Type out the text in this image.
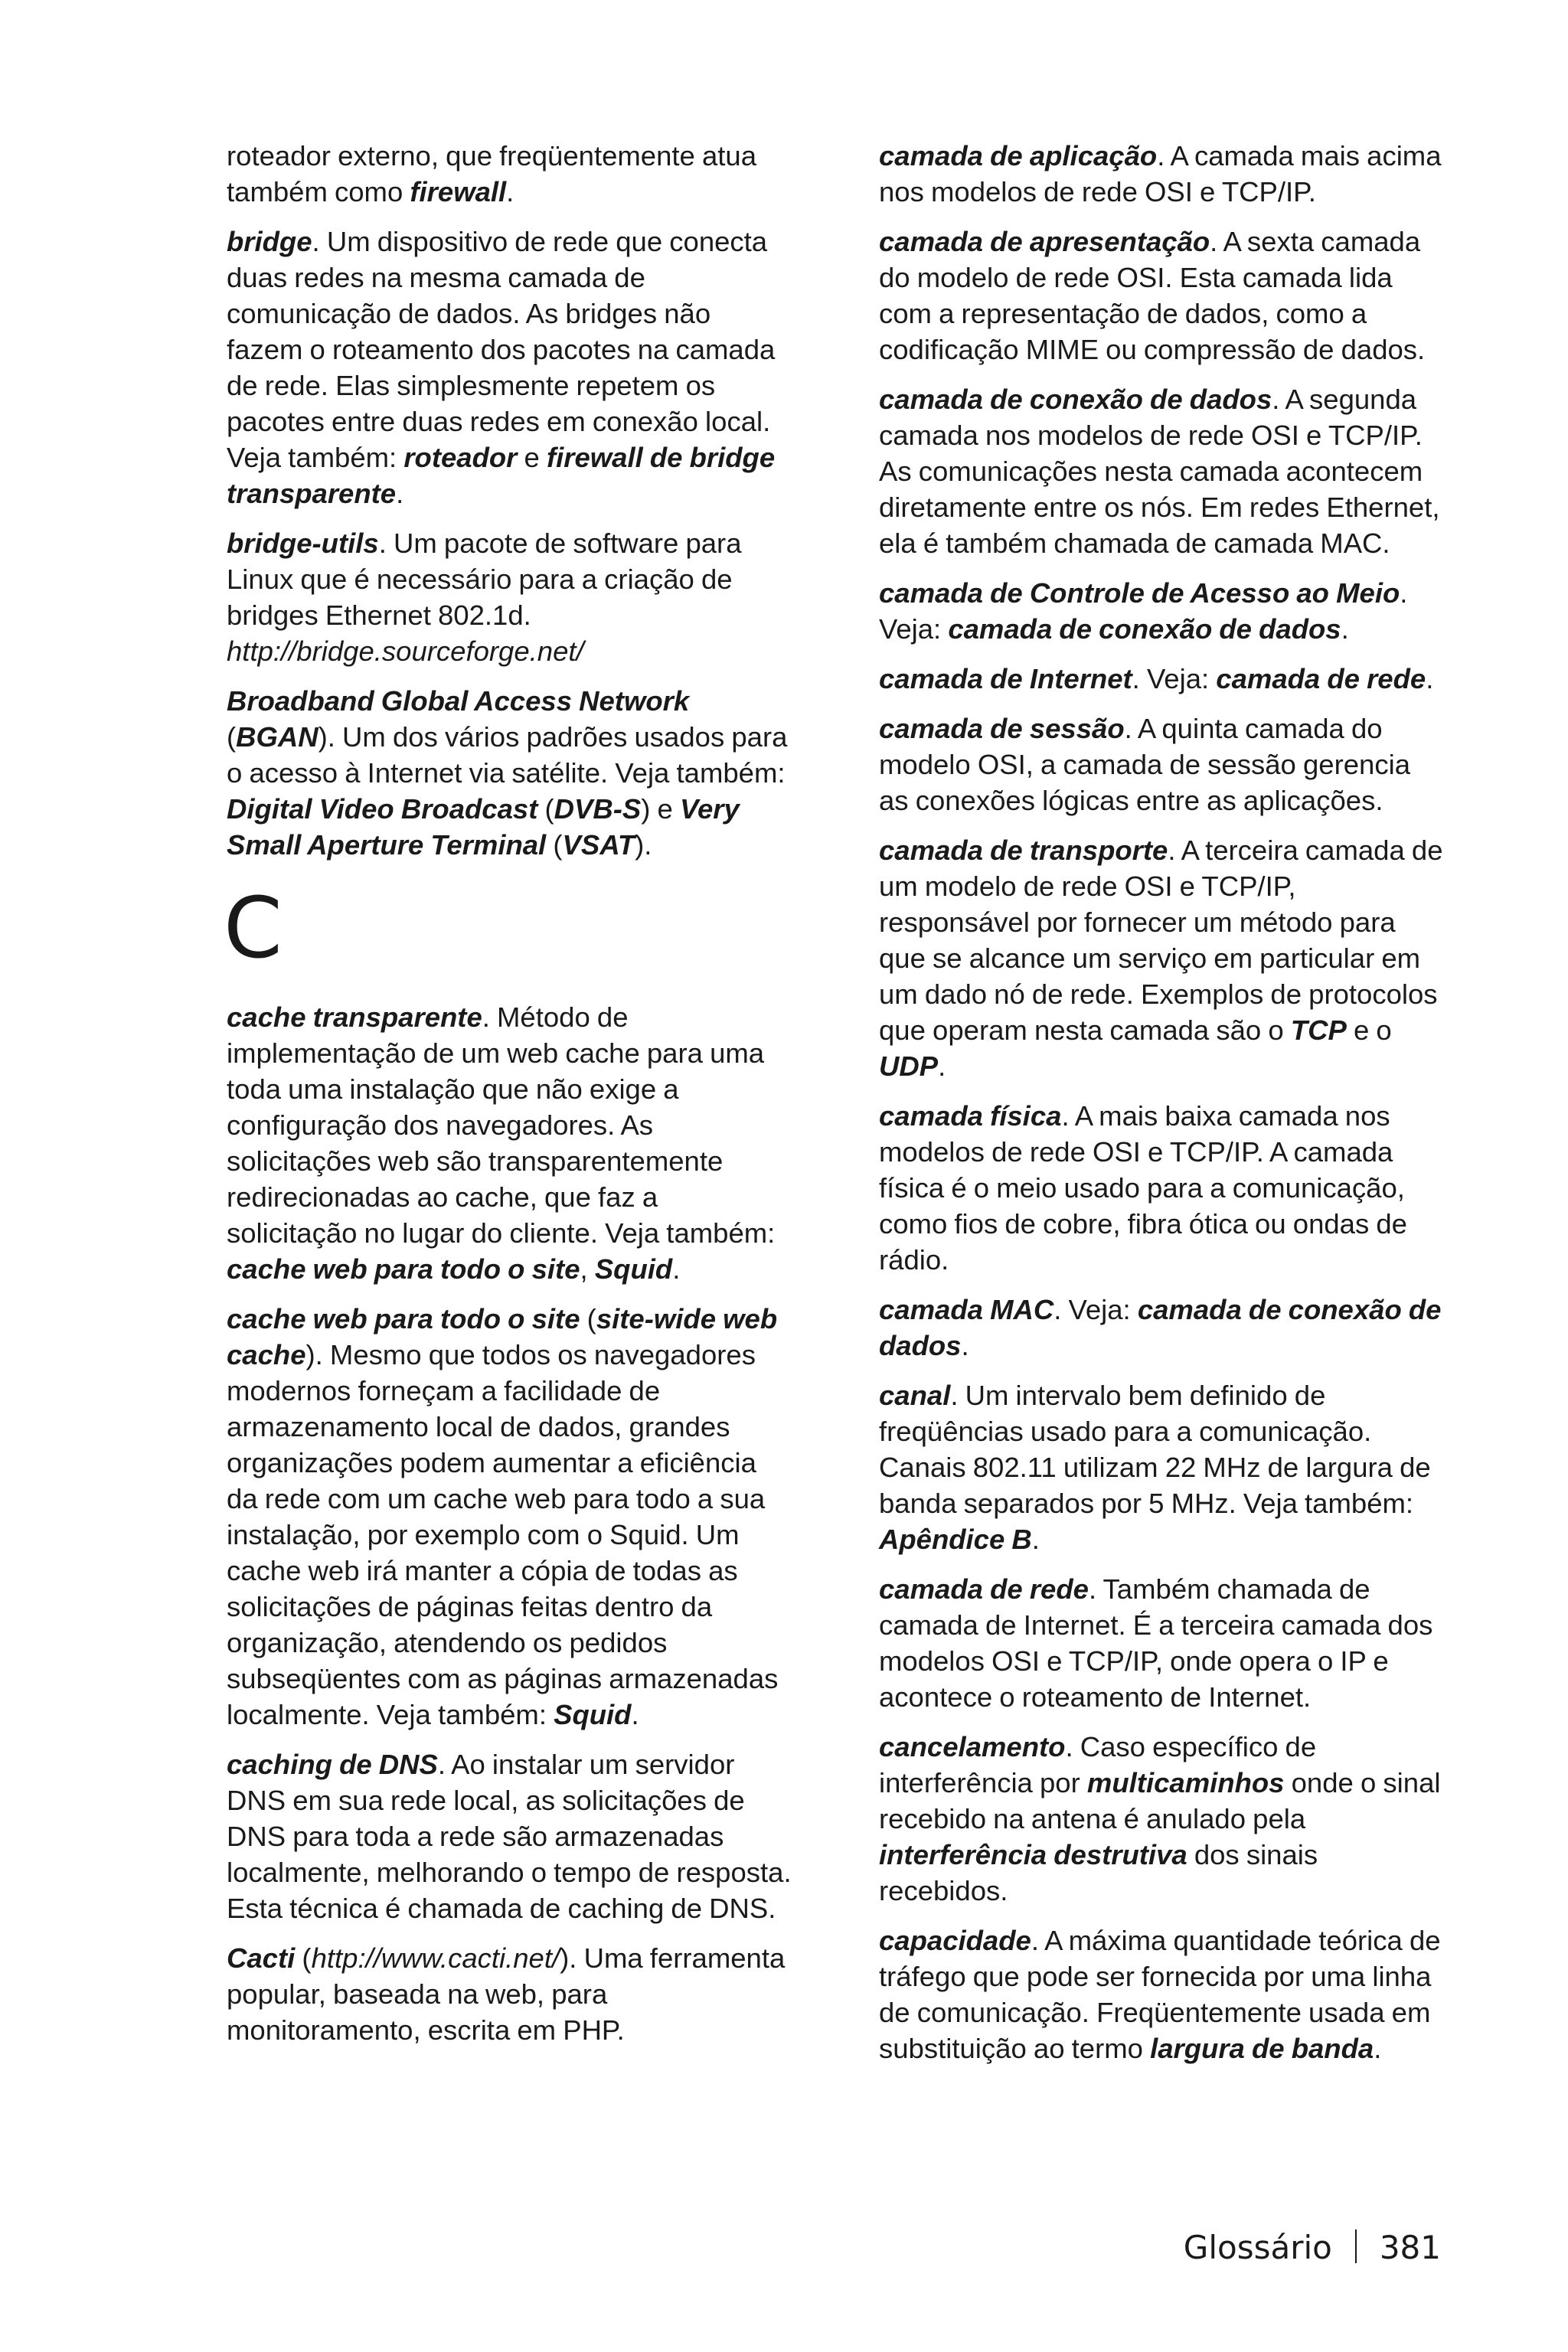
roteador externo, que freqüentemente atua também como firewall.

bridge. Um dispositivo de rede que conecta duas redes na mesma camada de comunicação de dados. As bridges não fazem o roteamento dos pacotes na camada de rede. Elas simplesmente repetem os pacotes entre duas redes em conexão local. Veja também: roteador e firewall de bridge transparente.

bridge-utils. Um pacote de software para Linux que é necessário para a criação de bridges Ethernet 802.1d. http://bridge.sourceforge.net/

Broadband Global Access Network (BGAN). Um dos vários padrões usados para o acesso à Internet via satélite. Veja também: Digital Video Broadcast (DVB-S) e Very Small Aperture Terminal (VSAT).

C

cache transparente. Método de implementação de um web cache para uma toda uma instalação que não exige a configuração dos navegadores. As solicitações web são transparentemente redirecionadas ao cache, que faz a solicitação no lugar do cliente. Veja também: cache web para todo o site, Squid.

cache web para todo o site (site-wide web cache). Mesmo que todos os navegadores modernos forneçam a facilidade de armazenamento local de dados, grandes organizações podem aumentar a eficiência da rede com um cache web para todo a sua instalação, por exemplo com o Squid. Um cache web irá manter a cópia de todas as solicitações de páginas feitas dentro da organização, atendendo os pedidos subseqüentes com as páginas armazenadas localmente. Veja também: Squid.

caching de DNS. Ao instalar um servidor DNS em sua rede local, as solicitações de DNS para toda a rede são armazenadas localmente, melhorando o tempo de resposta. Esta técnica é chamada de caching de DNS.

Cacti (http://www.cacti.net/). Uma ferramenta popular, baseada na web, para monitoramento, escrita em PHP.

camada de aplicação. A camada mais acima nos modelos de rede OSI e TCP/IP.

camada de apresentação. A sexta camada do modelo de rede OSI. Esta camada lida com a representação de dados, como a codificação MIME ou compressão de dados.

camada de conexão de dados. A segunda camada nos modelos de rede OSI e TCP/IP. As comunicações nesta camada acontecem diretamente entre os nós. Em redes Ethernet, ela é também chamada de camada MAC.

camada de Controle de Acesso ao Meio. Veja: camada de conexão de dados.

camada de Internet. Veja: camada de rede.

camada de sessão. A quinta camada do modelo OSI, a camada de sessão gerencia as conexões lógicas entre as aplicações.

camada de transporte. A terceira camada de um modelo de rede OSI e TCP/IP, responsável por fornecer um método para que se alcance um serviço em particular em um dado nó de rede. Exemplos de protocolos que operam nesta camada são o TCP e o UDP.

camada física. A mais baixa camada nos modelos de rede OSI e TCP/IP. A camada física é o meio usado para a comunicação, como fios de cobre, fibra ótica ou ondas de rádio.

camada MAC. Veja: camada de conexão de dados.

canal. Um intervalo bem definido de freqüências usado para a comunicação. Canais 802.11 utilizam 22 MHz de largura de banda separados por 5 MHz. Veja também: Apêndice B.

camada de rede. Também chamada de camada de Internet. É a terceira camada dos modelos OSI e TCP/IP, onde opera o IP e acontece o roteamento de Internet.

cancelamento. Caso específico de interferência por multicaminhos onde o sinal recebido na antena é anulado pela interferência destrutiva dos sinais recebidos.

capacidade. A máxima quantidade teórica de tráfego que pode ser fornecida por uma linha de comunicação. Freqüentemente usada em substituição ao termo largura de banda.

Glossário 381
